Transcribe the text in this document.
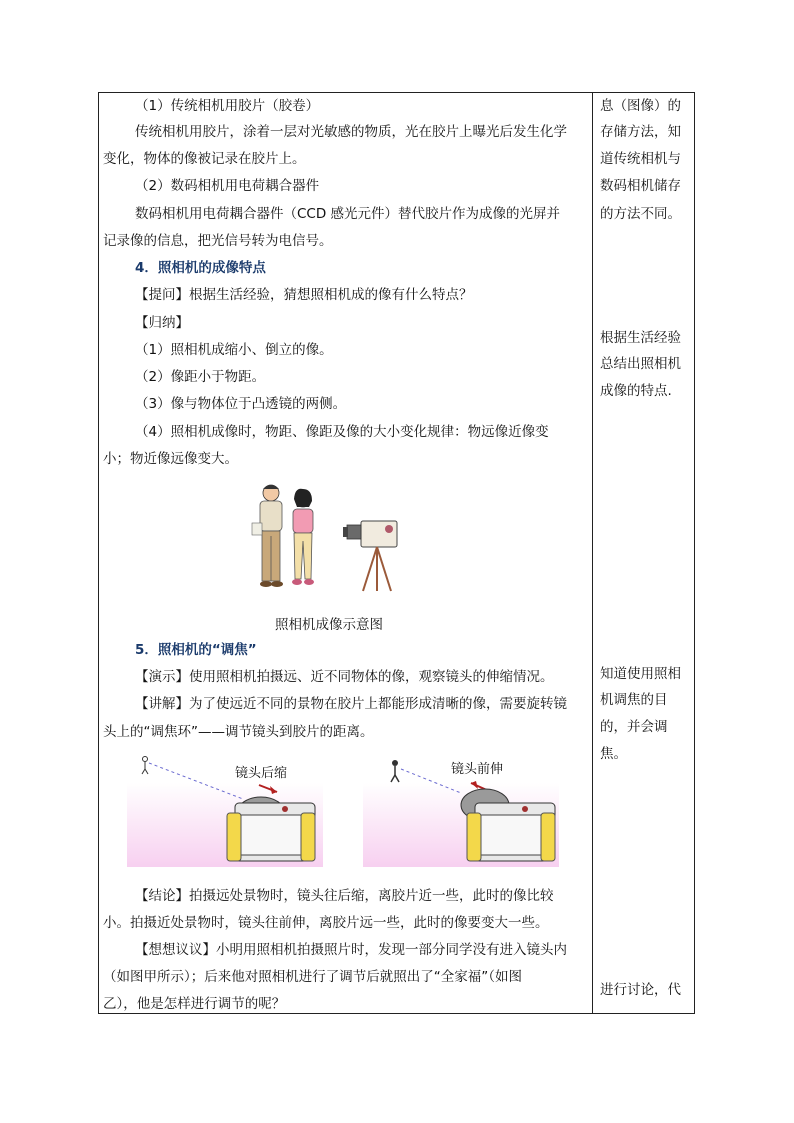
（1）传统相机用胶片（胶卷）
传统相机用胶片，涂着一层对光敏感的物质，光在胶片上曝光后发生化学
变化，物体的像被记录在胶片上。
（2）数码相机用电荷耦合器件
数码相机用电荷耦合器件（CCD 感光元件）替代胶片作为成像的光屏并
记录像的信息，把光信号转为电信号。
4．照相机的成像特点
【提问】根据生活经验，猜想照相机成的像有什么特点？
【归纳】
（1）照相机成缩小、倒立的像。
（2）像距小于物距。
（3）像与物体位于凸透镜的两侧。
（4）照相机成像时，物距、像距及像的大小变化规律：物远像近像变
小；物近像远像变大。
照相机成像示意图
5．照相机的“调焦”
【演示】使用照相机拍摄远、近不同物体的像，观察镜头的伸缩情况。
【讲解】为了使远近不同的景物在胶片上都能形成清晰的像，需要旋转镜
头上的“调焦环”——调节镜头到胶片的距离。
镜头后缩	镜头前伸
【结论】拍摄远处景物时，镜头往后缩，离胶片近一些，此时的像比较
小。拍摄近处景物时，镜头往前伸，离胶片远一些，此时的像要变大一些。
【想想议议】小明用照相机拍摄照片时，发现一部分同学没有进入镜头内
（如图甲所示）；后来他对照相机进行了调节后就照出了“全家福”（如图
乙），他是怎样进行调节的呢？
息（图像）的
存储方法，知
道传统相机与
数码相机储存
的方法不同。
根据生活经验
总结出照相机
成像的特点.
知道使用照相
机调焦的目
的，并会调
焦。
进行讨论，代
